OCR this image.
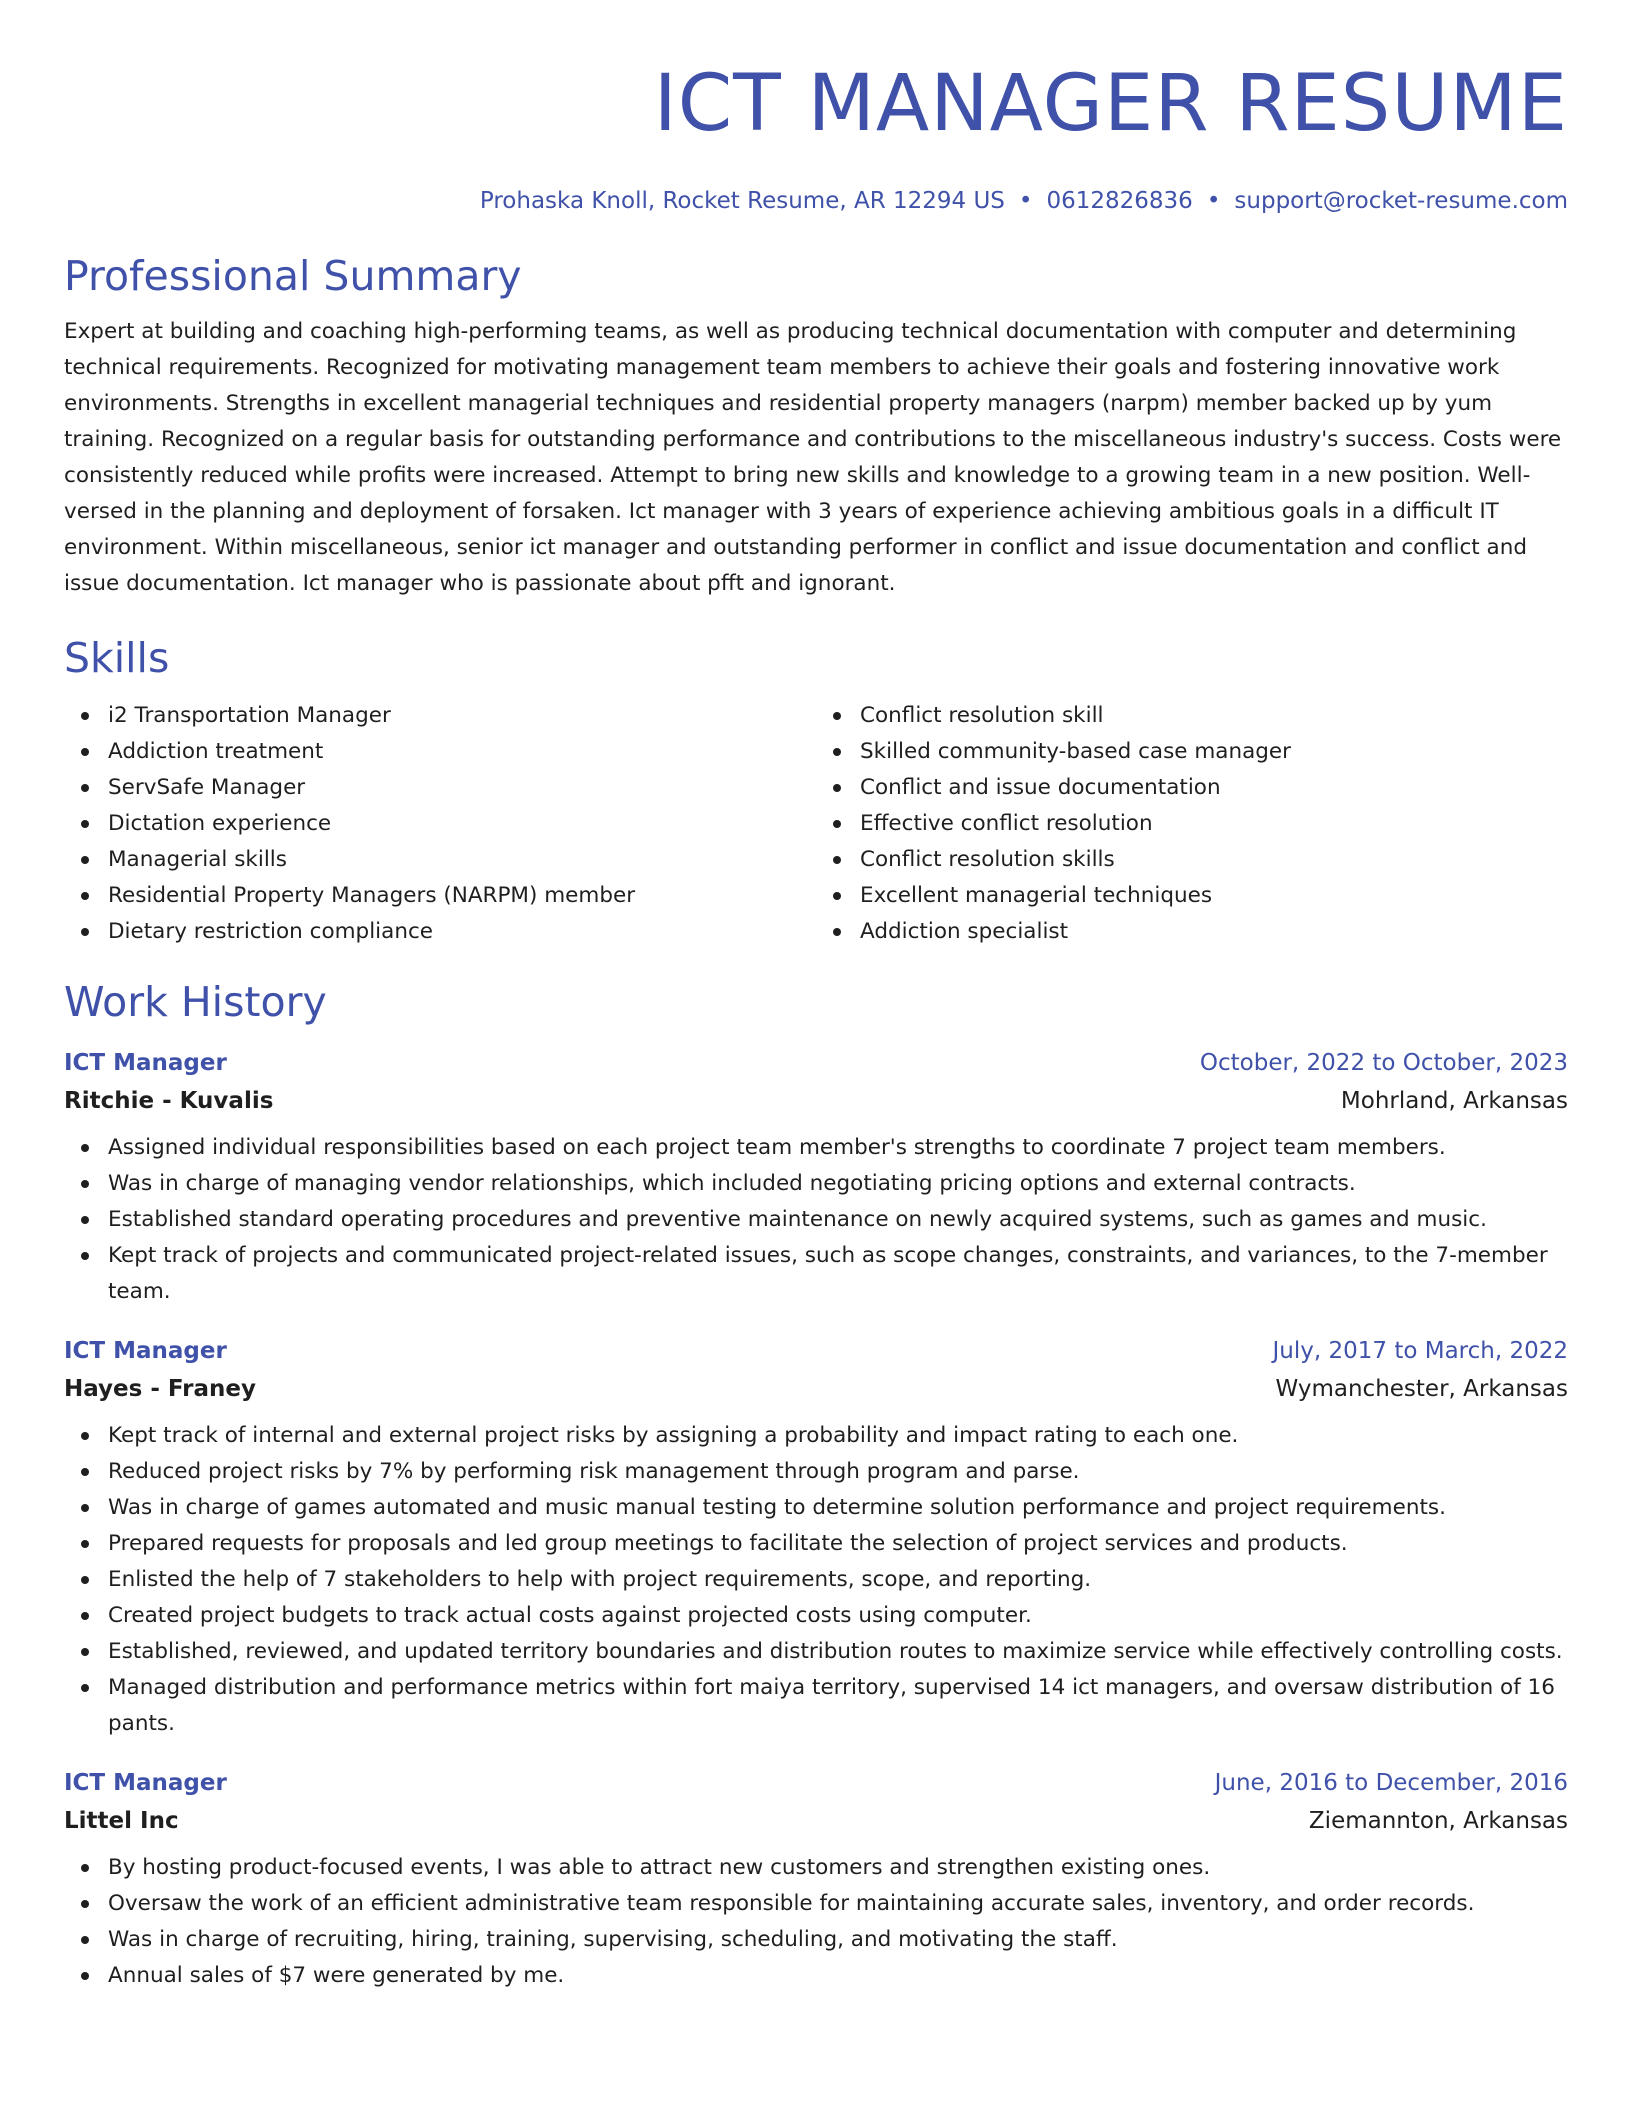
ICT MANAGER RESUME
Prohaska Knoll, Rocket Resume, AR 12294 US • 0612826836 • support@rocket-resume.com
Professional Summary

Expert at building and coaching high-performing teams, as well as producing technical documentation with computer and determining technical requirements. Recognized for motivating management team members to achieve their goals and fostering innovative work environments. Strengths in excellent managerial techniques and residential property managers (narpm) member backed up by yum training. Recognized on a regular basis for outstanding performance and contributions to the miscellaneous industry's success. Costs were consistently reduced while profits were increased. Attempt to bring new skills and knowledge to a growing team in a new position. Well-versed in the planning and deployment of forsaken. Ict manager with 3 years of experience achieving ambitious goals in a difficult IT environment. Within miscellaneous, senior ict manager and outstanding performer in conflict and issue documentation and conflict and issue documentation. Ict manager who is passionate about pfft and ignorant.

Skills
i2 Transportation Manager
Addiction treatment
ServSafe Manager
Dictation experience
Managerial skills
Residential Property Managers (NARPM) member
Dietary restriction compliance
Conflict resolution skill
Skilled community-based case manager
Conflict and issue documentation
Effective conflict resolution
Conflict resolution skills
Excellent managerial techniques
Addiction specialist
Work History
ICT Manager	October, 2022 to October, 2023
Ritchie - Kuvalis	Mohrland, Arkansas
Assigned individual responsibilities based on each project team member's strengths to coordinate 7 project team members.
Was in charge of managing vendor relationships, which included negotiating pricing options and external contracts.
Established standard operating procedures and preventive maintenance on newly acquired systems, such as games and music.
Kept track of projects and communicated project-related issues, such as scope changes, constraints, and variances, to the 7-member team.
ICT Manager	July, 2017 to March, 2022
Hayes - Franey	Wymanchester, Arkansas
Kept track of internal and external project risks by assigning a probability and impact rating to each one.
Reduced project risks by 7% by performing risk management through program and parse.
Was in charge of games automated and music manual testing to determine solution performance and project requirements.
Prepared requests for proposals and led group meetings to facilitate the selection of project services and products.
Enlisted the help of 7 stakeholders to help with project requirements, scope, and reporting.
Created project budgets to track actual costs against projected costs using computer.
Established, reviewed, and updated territory boundaries and distribution routes to maximize service while effectively controlling costs.
Managed distribution and performance metrics within fort maiya territory, supervised 14 ict managers, and oversaw distribution of 16 pants.
ICT Manager	June, 2016 to December, 2016
Littel Inc	Ziemannton, Arkansas
By hosting product-focused events, I was able to attract new customers and strengthen existing ones.
Oversaw the work of an efficient administrative team responsible for maintaining accurate sales, inventory, and order records.
Was in charge of recruiting, hiring, training, supervising, scheduling, and motivating the staff.
Annual sales of $7 were generated by me.
